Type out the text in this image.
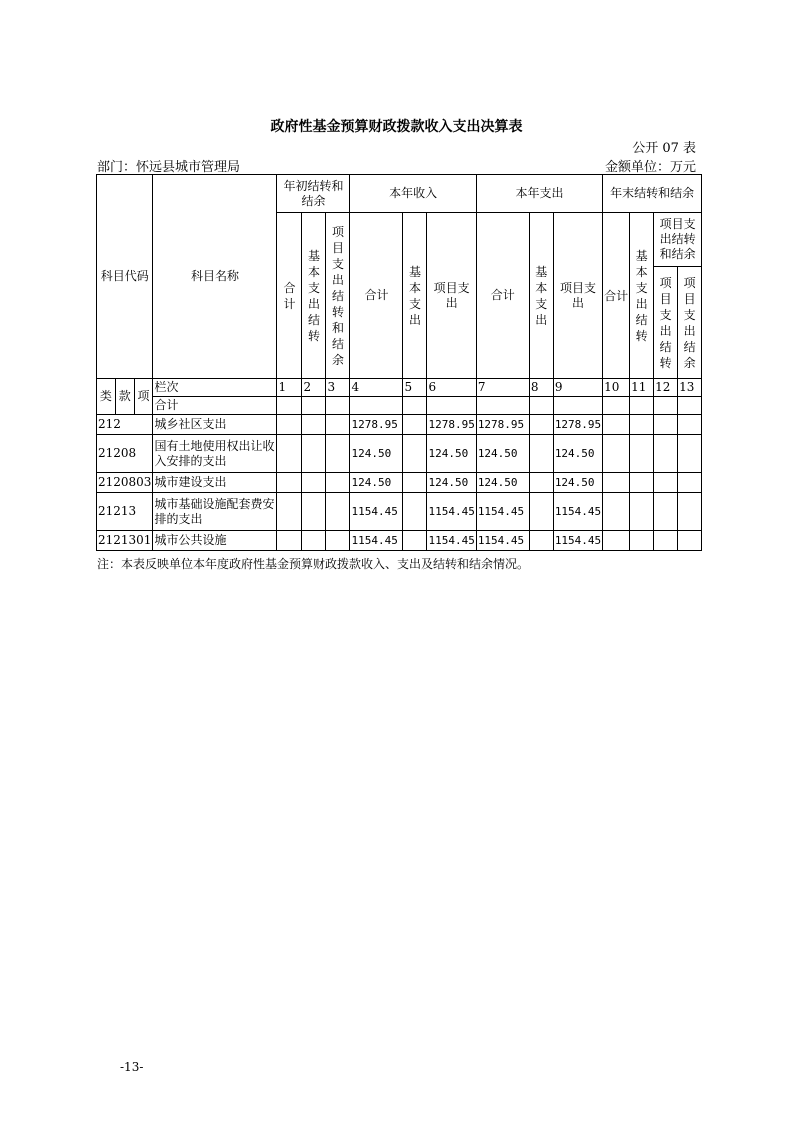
政府性基金预算财政拨款收入支出决算表
公开 07 表
部门：怀远县城市管理局	金额单位：万元
科目代码			科目名称	年初结转和结余			本年收入			本年支出			年末结转和结余			
				合计	基本支出结转	项目支出结转和结余	合计	基本支出	项目支出	合计	基本支出	项目支出	合计	基本支出结转	项目支出结转和结余	
															项目支出结转	项目支出结余
类	款	项	栏次	1	2	3	4	5	6	7	8	9	10	11	12	13
			合计													
212			城乡社区支出				1278.95		1278.95	1278.95		1278.95				
21208			国有土地使用权出让收入安排的支出				124.50		124.50	124.50		124.50				
2120803			城市建设支出				124.50		124.50	124.50		124.50				
21213			城市基础设施配套费安排的支出				1154.45		1154.45	1154.45		1154.45				
2121301			城市公共设施				1154.45		1154.45	1154.45		1154.45				
注：本表反映单位本年度政府性基金预算财政拨款收入、支出及结转和结余情况。
-13-
